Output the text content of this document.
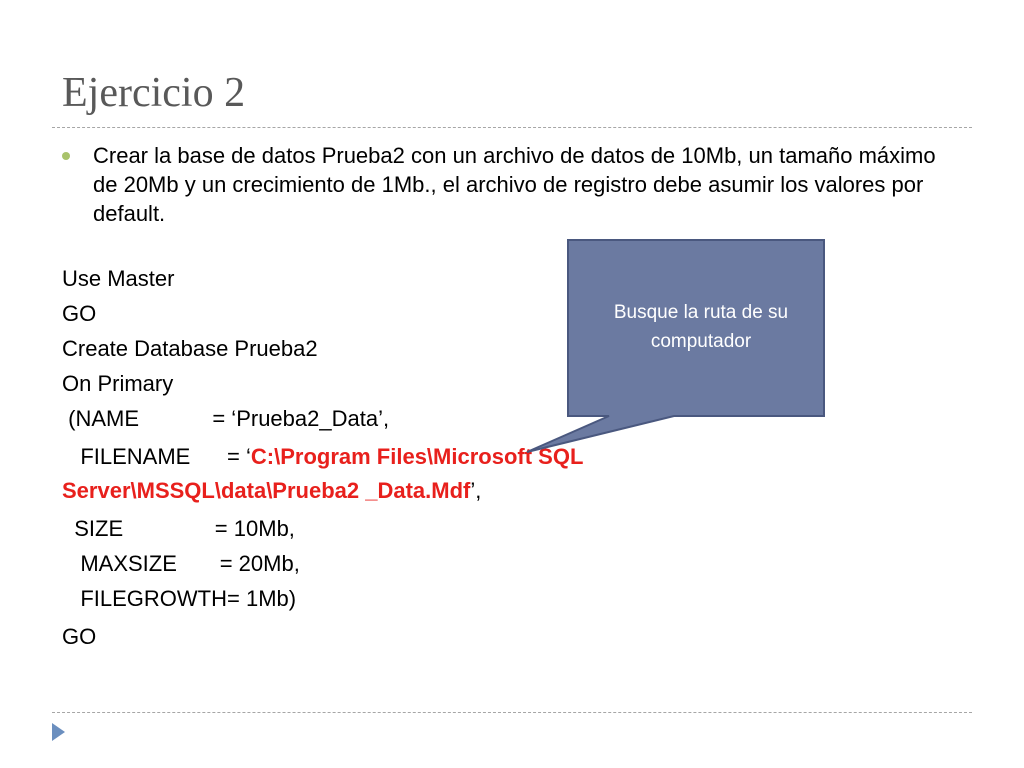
Ejercicio 2
Crear la base de datos Prueba2 con un archivo de datos de 10Mb, un tamaño máximo de 20Mb y un crecimiento de 1Mb., el archivo de registro debe asumir los valores por default.
Use Master
GO
Create Database Prueba2
On Primary
(NAME            = ‘Prueba2_Data’,
FILENAME      = ‘C:\Program Files\Microsoft SQL
Server\MSSQL\data\Prueba2 _Data.Mdf’,
SIZE               = 10Mb,
MAXSIZE       = 20Mb,
FILEGROWTH= 1Mb)
GO
Busque la ruta de su computador
